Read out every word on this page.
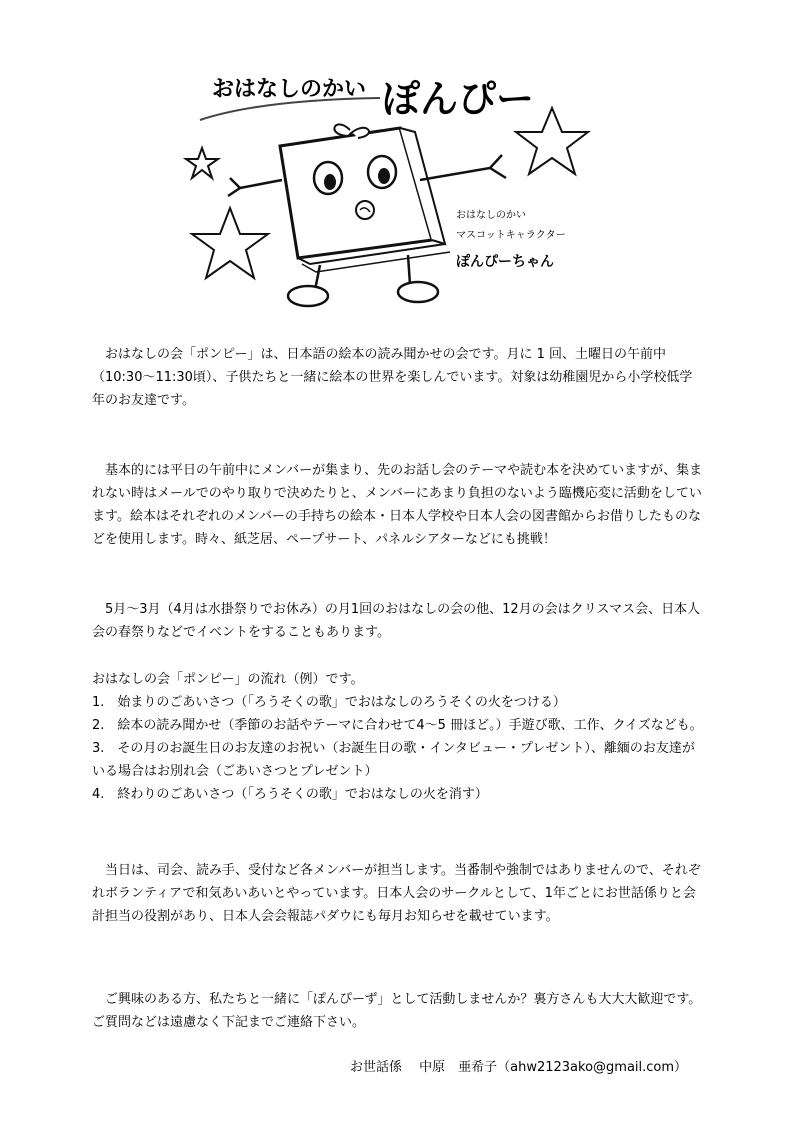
おはなしのかい ぽんぴー
おはなしのかい
マスコットキャラクター
ぽんぴーちゃん

おはなしの会「ポンピー」は、日本語の絵本の読み聞かせの会です。月に 1 回、土曜日の午前中（10:30〜11:30頃）、子供たちと一緒に絵本の世界を楽しんでいます。対象は幼稚園児から小学校低学年のお友達です。

基本的には平日の午前中にメンバーが集まり、先のお話し会のテーマや読む本を決めていますが、集まれない時はメールでのやり取りで決めたりと、メンバーにあまり負担のないよう臨機応変に活動をしています。絵本はそれぞれのメンバーの手持ちの絵本・日本人学校や日本人会の図書館からお借りしたものなどを使用します。時々、紙芝居、ペープサート、パネルシアターなどにも挑戦！

5月〜3月（4月は水掛祭りでお休み）の月1回のおはなしの会の他、12月の会はクリスマス会、日本人会の春祭りなどでイベントをすることもあります。

おはなしの会「ポンピー」の流れ（例）です。
1.　始まりのごあいさつ（「ろうそくの歌」でおはなしのろうそくの火をつける）
2.　絵本の読み聞かせ（季節のお話やテーマに合わせて4〜5 冊ほど。）手遊び歌、工作、クイズなども。
3.　その月のお誕生日のお友達のお祝い（お誕生日の歌・インタビュー・プレゼント）、離緬のお友達がいる場合はお別れ会（ごあいさつとプレゼント）
4.　終わりのごあいさつ（「ろうそくの歌」でおはなしの火を消す）

当日は、司会、読み手、受付など各メンバーが担当します。当番制や強制ではありませんので、それぞれボランティアで和気あいあいとやっています。日本人会のサークルとして、1年ごとにお世話係りと会計担当の役割があり、日本人会会報誌パダウにも毎月お知らせを載せています。

ご興味のある方、私たちと一緒に「ぽんぴーず」として活動しませんか？裏方さんも大大大歓迎です。ご質問などは遠慮なく下記までご連絡下さい。

お世話係　 中原　亜希子（ahw2123ako@gmail.com）
